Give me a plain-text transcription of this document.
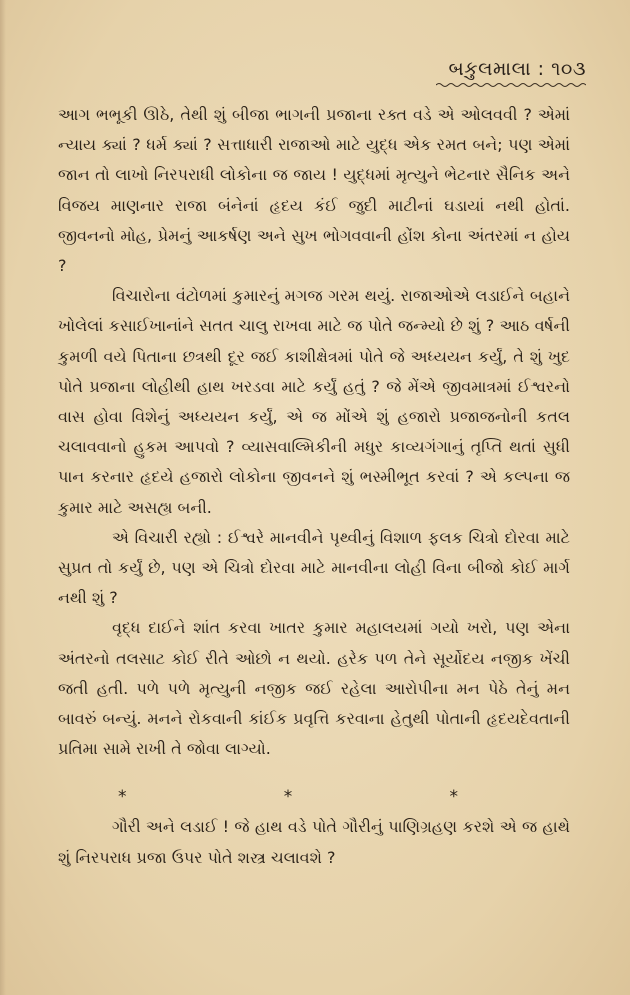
બકુલમાલા : ૧૦૩

આગ ભભૂકી ઊઠે, તેથી શું બીજા ભાગની પ્રજાના રક્ત વડે એ ઓલવવી ? એમાં ન્યાય ક્યાં ? ધર્મ ક્યાં ? સત્તાધારી રાજાઓ માટે યુદ્ધ એક રમત બને; પણ એમાં જાન તો લાખો નિરપરાધી લોકોના જ જાય ! યુદ્ધમાં મૃત્યુને ભેટનાર સૈનિક અને વિજય માણનાર રાજા બંનેનાં હૃદય કંઈ જુદી માટીનાં ઘડાયાં નથી હોતાં. જીવનનો મોહ, પ્રેમનું આકર્ષણ અને સુખ ભોગવવાની હોંશ કોના અંતરમાં ન હોય ?

વિચારોના વંટોળમાં કુમારનું મગજ ગરમ થયું. રાજાઓએ લડાઈને બહાને ખોલેલાં કસાઈખાનાંને સતત ચાલુ રાખવા માટે જ પોતે જન્મ્યો છે શું ? આઠ વર્ષની કુમળી વયે પિતાના છત્રથી દૂર જઈ કાશીક્ષેત્રમાં પોતે જે અધ્યયન કર્યું, તે શું ખુદ પોતે પ્રજાના લોહીથી હાથ ખરડવા માટે કર્યું હતું ? જે મેંએ જીવમાત્રમાં ઈશ્વરનો વાસ હોવા વિશેનું અધ્યયન કર્યું, એ જ મોંએ શું હજારો પ્રજાજનોની કતલ ચલાવવાનો હુકમ આપવો ? વ્યાસવાલ્મિકીની મધુર કાવ્યગંગાનું તૃપ્તિ થતાં સુધી પાન કરનાર હૃદયે હજારો લોકોના જીવનને શું ભસ્મીભૂત કરવાં ? એ કલ્પના જ કુમાર માટે અસહ્ય બની.

એ વિચારી રહ્યો : ઈશ્વરે માનવીને પૃથ્વીનું વિશાળ ફલક ચિત્રો દોરવા માટે સુપ્રત તો કર્યું છે, પણ એ ચિત્રો દોરવા માટે માનવીના લોહી વિના બીજો કોઈ માર્ગ નથી શું ?

વૃદ્ધ દાઈને શાંત કરવા ખાતર કુમાર મહાલયમાં ગયો ખરો, પણ એના અંતરનો તલસાટ કોઈ રીતે ઓછો ન થયો. હરેક પળ તેને સૂર્યોદય નજીક ખેંચી જતી હતી. પળે પળે મૃત્યુની નજીક જઈ રહેલા આરોપીના મન પેઠે તેનું મન બાવરું બન્યું. મનને રોકવાની કાંઈક પ્રવૃત્તિ કરવાના હેતુથી પોતાની હૃદયદેવતાની પ્રતિમા સામે રાખી તે જોવા લાગ્યો.

*	*	*

ગૌરી અને લડાઈ ! જે હાથ વડે પોતે ગૌરીનું પાણિગ્રહણ કરશે એ જ હાથે શું નિરપરાધ પ્રજા ઉપર પોતે શસ્ત્ર ચલાવશે ?
